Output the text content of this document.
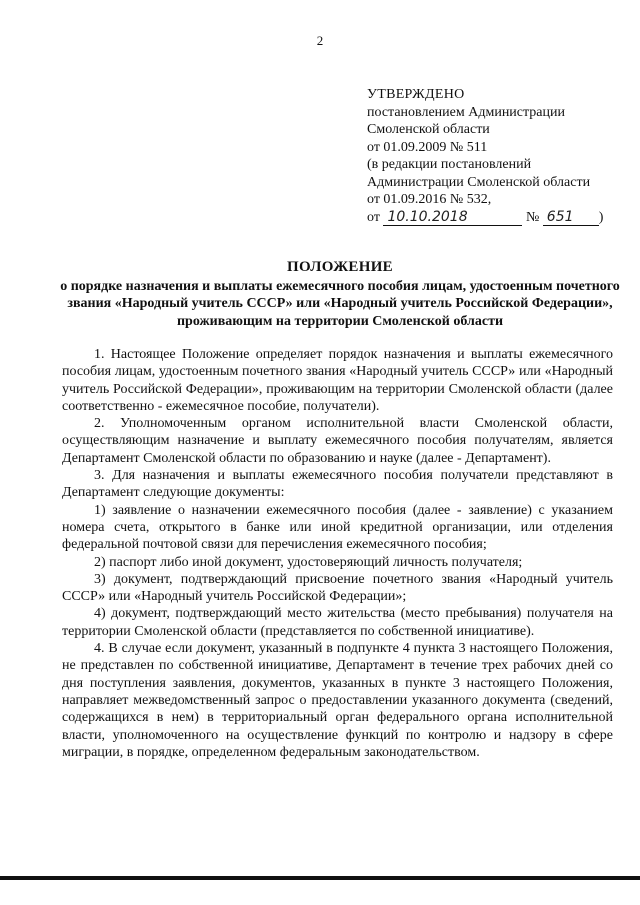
2
УТВЕРЖДЕНО
постановлением Администрации
Смоленской области
от 01.09.2009 № 511
(в редакции постановлений
Администрации Смоленской области
от 01.09.2016 № 532,
от 10.10.2018	№ 651 )
ПОЛОЖЕНИЕ
о порядке назначения и выплаты ежемесячного пособия лицам, удостоенным почетного звания «Народный учитель СССР» или «Народный учитель Российской Федерации», проживающим на территории Смоленской области

1. Настоящее Положение определяет порядок назначения и выплаты ежемесячного пособия лицам, удостоенным почетного звания «Народный учитель СССР» или «Народный учитель Российской Федерации», проживающим на территории Смоленской области (далее соответственно - ежемесячное пособие, получатели).

2. Уполномоченным органом исполнительной власти Смоленской области, осуществляющим назначение и выплату ежемесячного пособия получателям, является Департамент Смоленской области по образованию и науке (далее - Департамент).

3. Для назначения и выплаты ежемесячного пособия получатели представляют в Департамент следующие документы:

1) заявление о назначении ежемесячного пособия (далее - заявление) с указанием номера счета, открытого в банке или иной кредитной организации, или отделения федеральной почтовой связи для перечисления ежемесячного пособия;

2) паспорт либо иной документ, удостоверяющий личность получателя;

3) документ, подтверждающий присвоение почетного звания «Народный учитель СССР» или «Народный учитель Российской Федерации»;

4) документ, подтверждающий место жительства (место пребывания) получателя на территории Смоленской области (представляется по собственной инициативе).

4. В случае если документ, указанный в подпункте 4 пункта 3 настоящего Положения, не представлен по собственной инициативе, Департамент в течение трех рабочих дней со дня поступления заявления, документов, указанных в пункте 3 настоящего Положения, направляет межведомственный запрос о предоставлении указанного документа (сведений, содержащихся в нем) в территориальный орган федерального органа исполнительной власти, уполномоченного на осуществление функций по контролю и надзору в сфере миграции, в порядке, определенном федеральным законодательством.
